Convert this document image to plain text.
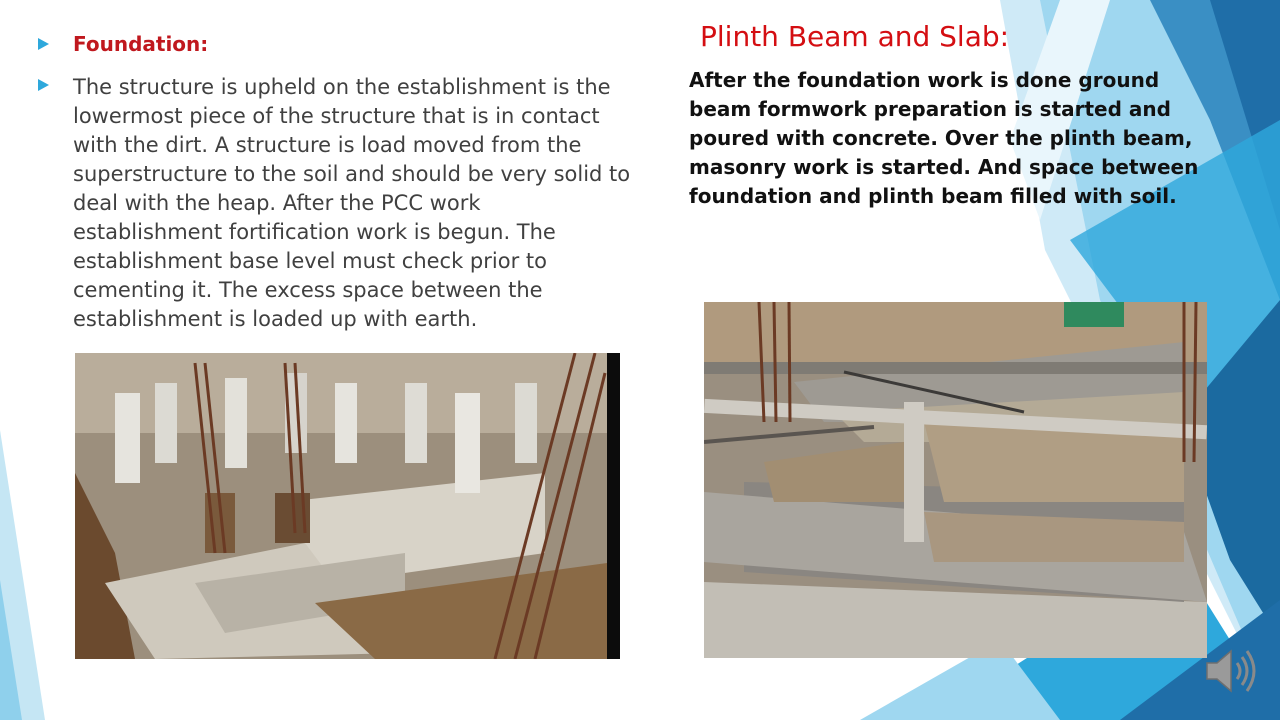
Foundation:
The structure is upheld on the establishment is the lowermost piece of the structure that is in contact with the dirt. A structure is load moved from the superstructure to the soil and should be very solid to deal with the heap. After the PCC work establishment fortification work is begun. The establishment base level must check prior to cementing it. The excess space between the establishment is loaded up with earth.
Plinth Beam and Slab:
After the foundation work is done ground beam formwork preparation is started and poured with concrete. Over the plinth beam, masonry work is started. And space between foundation and plinth beam filled with soil.
